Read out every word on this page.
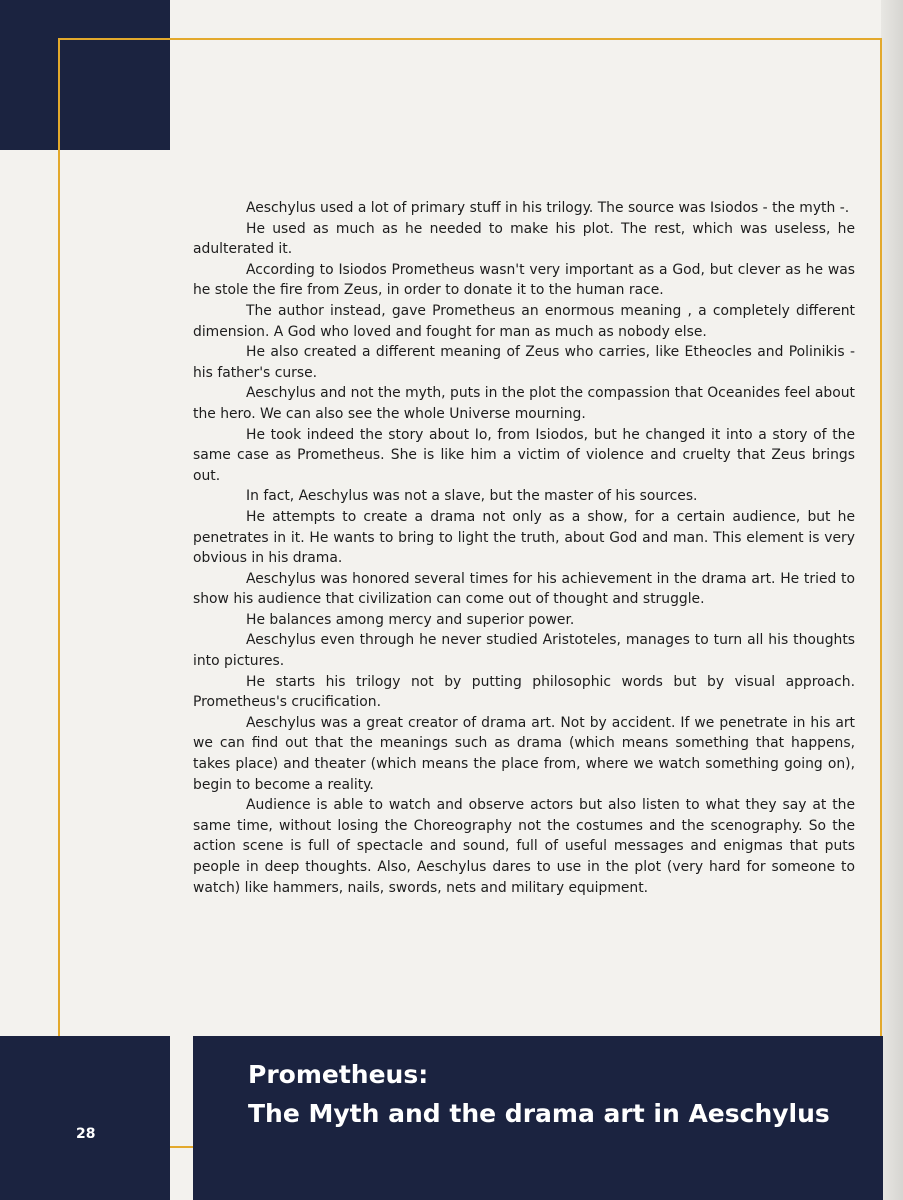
Prometheus:
The Myth and the drama art in Aeschylus
28

Aeschylus used a lot of primary stuff in his trilogy. The source was Isiodos - the myth -.

He used as much as he needed to make his plot. The rest, which was useless, he adulterated it.

According to Isiodos Prometheus wasn't very important as a God, but clever as he was he stole the fire from Zeus, in order to donate it to the human race.

The author instead, gave Prometheus an enormous meaning , a completely different dimension. A God who loved and fought for man as much as nobody else.

He also created a different meaning of Zeus who carries, like Etheocles and Polinikis - his father's curse.

Aeschylus and not the myth, puts in the plot the compassion that Oceanides feel about the hero. We can also see the whole Universe mourning.

He took indeed the story about Io, from Isiodos, but he changed it into a story of the same case as Prometheus. She is like him a victim of violence and cruelty that Zeus brings out.

In fact, Aeschylus was not a slave, but the master of his sources.

He attempts to create a drama not only as a show, for a certain audience, but he penetrates in it. He wants to bring to light the truth, about God and man. This element is very obvious in his drama.

Aeschylus was honored several times for his achievement in the drama art. He tried to show his audience that civilization can come out of thought and struggle.

He balances among mercy and superior power.

Aeschylus even through he never studied Aristoteles, manages to turn all his thoughts into pictures.

He starts his trilogy not by putting philosophic words but by visual approach. Prometheus's crucification.

Aeschylus was a great creator of drama art. Not by accident. If we penetrate in his art we can find out that the meanings such as drama (which means something that happens, takes place) and theater (which means the place from, where we watch something going on), begin to become a reality.

Audience is able to watch and observe actors but also listen to what they say at the same time, without losing the Choreography not the costumes and the scenography. So the action scene is full of spectacle and sound, full of useful messages and enigmas that puts people in deep thoughts. Also, Aeschylus dares to use in the plot (very hard for someone to watch) like hammers, nails, swords, nets and military equipment.
